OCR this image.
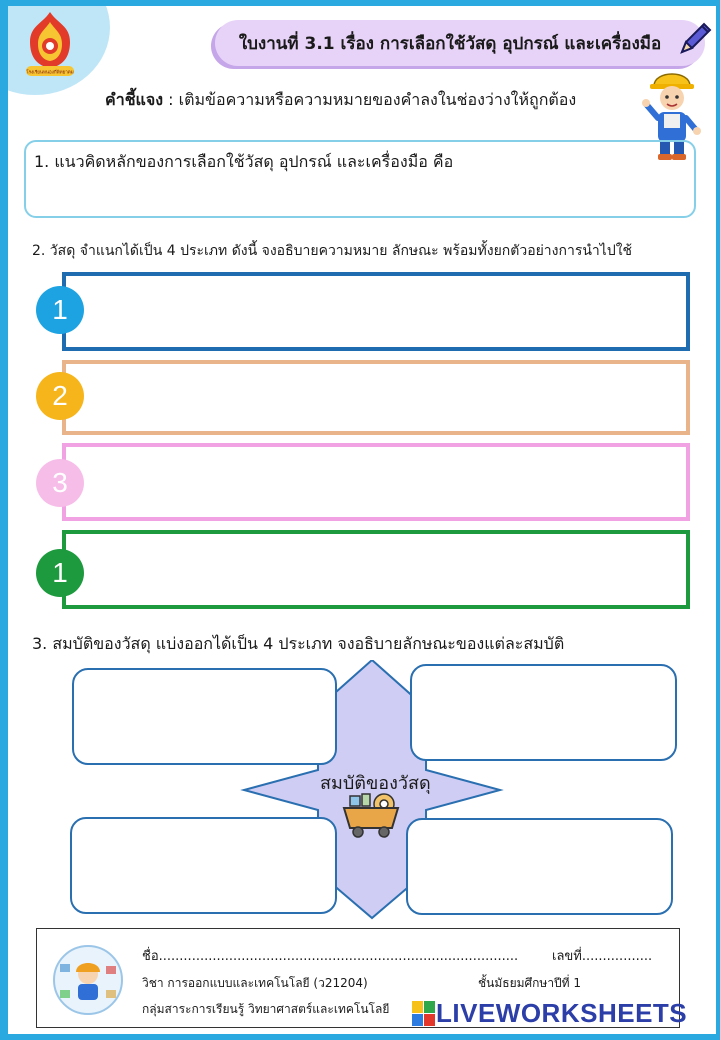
โรงเรียนหนองกี่พิทยาคม
ใบงานที่ 3.1 เรื่อง การเลือกใช้วัสดุ อุปกรณ์ และเครื่องมือ
คำชี้แจง : เติมข้อความหรือความหมายของคำลงในช่องว่างให้ถูกต้อง
1. แนวคิดหลักของการเลือกใช้วัสดุ อุปกรณ์ และเครื่องมือ คือ
2. วัสดุ จำแนกได้เป็น 4 ประเภท ดังนี้ จงอธิบายความหมาย ลักษณะ พร้อมทั้งยกตัวอย่างการนำไปใช้
1
2
3
1
3. สมบัติของวัสดุ แบ่งออกได้เป็น 4 ประเภท จงอธิบายลักษณะของแต่ละสมบัติ
สมบัติของวัสดุ
ชื่อ.......................................................................................	เลขที่.................
วิชา การออกแบบและเทคโนโลยี (ว21204)	ชั้นมัธยมศึกษาปีที่ 1
กลุ่มสาระการเรียนรู้ วิทยาศาสตร์และเทคโนโลยี LIVEWORKSHEETS
